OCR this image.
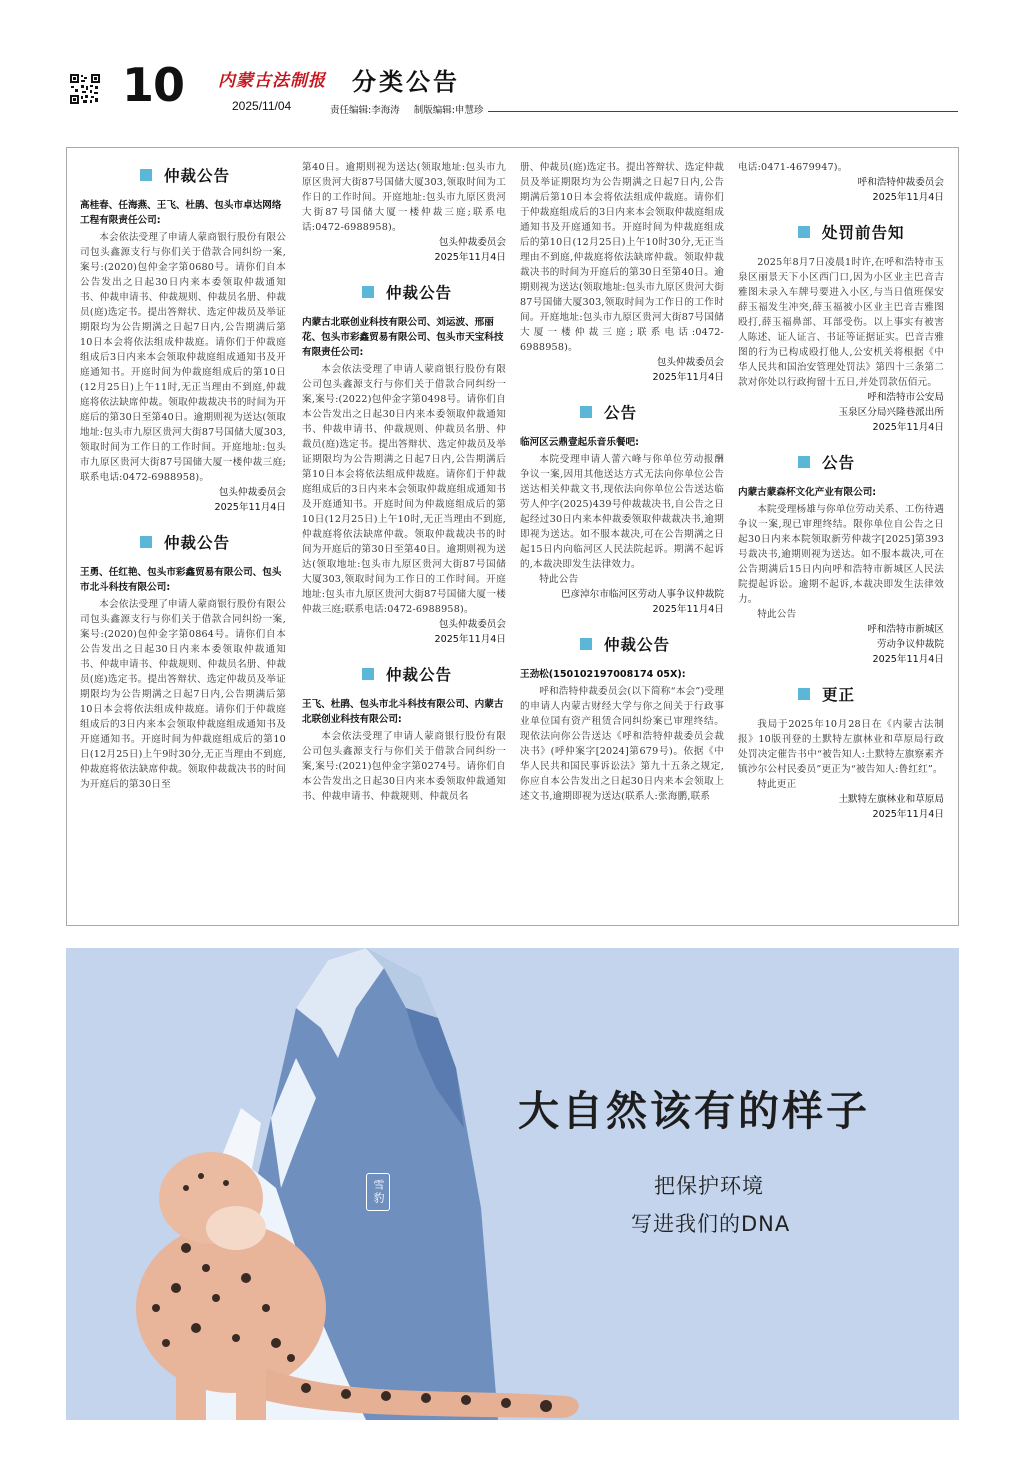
10 内蒙古法制报
2025/11/04
分类公告
责任编辑:李海涛 制版编辑:申慧珍
仲裁公告
高桂春、任海燕、王飞、杜鹃、包头市卓达网络工程有限责任公司:
本会依法受理了申请人蒙商银行股份有限公司包头鑫源支行与你们关于借款合同纠纷一案,案号:(2020)包仲金字第0680号。请你们自本公告发出之日起30日内来本委领取仲裁通知书、仲裁申请书、仲裁规则、仲裁员名册、仲裁员(庭)选定书。提出答辩状、选定仲裁员及举证期限均为公告期满之日起7日内,公告期满后第10日本会将依法组成仲裁庭。请你们于仲裁庭组成后3日内来本会领取仲裁庭组成通知书及开庭通知书。开庭时间为仲裁庭组成后的第10日(12月25日)上午11时,无正当理由不到庭,仲裁庭将依法缺席仲裁。领取仲裁裁决书的时间为开庭后的第30日至第40日。逾期则视为送达(领取地址:包头市九原区贵河大街87号国储大厦303,领取时间为工作日的工作时间。开庭地址:包头市九原区贵河大街87号国储大厦一楼仲裁三庭;联系电话:0472-6988958)。
包头仲裁委员会
2025年11月4日
仲裁公告
王勇、任红艳、包头市彩鑫贸易有限公司、包头市北斗科技有限公司:
本会依法受理了申请人蒙商银行股份有限公司包头鑫源支行与你们关于借款合同纠纷一案,案号:(2020)包仲金字第0864号。请你们自本公告发出之日起30日内来本委领取仲裁通知书、仲裁申请书、仲裁规则、仲裁员名册、仲裁员(庭)选定书。提出答辩状、选定仲裁员及举证期限均为公告期满之日起7日内,公告期满后第10日本会将依法组成仲裁庭。请你们于仲裁庭组成后的3日内来本会领取仲裁庭组成通知书及开庭通知书。开庭时间为仲裁庭组成后的第10日(12月25日)上午9时30分,无正当理由不到庭,仲裁庭将依法缺席仲裁。领取仲裁裁决书的时间为开庭后的第30日至
第40日。逾期则视为送达(领取地址:包头市九原区贵河大街87号国储大厦303,领取时间为工作日的工作时间。开庭地址:包头市九原区贵河大街87号国储大厦一楼仲裁三庭;联系电话:0472-6988958)。
包头仲裁委员会
2025年11月4日
仲裁公告
内蒙古北联创业科技有限公司、刘运波、邢丽花、包头市彩鑫贸易有限公司、包头市天宝科技有限责任公司:
本会依法受理了申请人蒙商银行股份有限公司包头鑫源支行与你们关于借款合同纠纷一案,案号:(2022)包仲金字第0498号。请你们自本公告发出之日起30日内来本委领取仲裁通知书、仲裁申请书、仲裁规则、仲裁员名册、仲裁员(庭)选定书。提出答辩状、选定仲裁员及举证期限均为公告期满之日起7日内,公告期满后第10日本会将依法组成仲裁庭。请你们于仲裁庭组成后的3日内来本会领取仲裁庭组成通知书及开庭通知书。开庭时间为仲裁庭组成后的第10日(12月25日)上午10时,无正当理由不到庭,仲裁庭将依法缺席仲裁。领取仲裁裁决书的时间为开庭后的第30日至第40日。逾期则视为送达(领取地址:包头市九原区贵河大街87号国储大厦303,领取时间为工作日的工作时间。开庭地址:包头市九原区贵河大街87号国储大厦一楼仲裁三庭;联系电话:0472-6988958)。
包头仲裁委员会
2025年11月4日
仲裁公告
王飞、杜鹃、包头市北斗科技有限公司、内蒙古北联创业科技有限公司:
本会依法受理了申请人蒙商银行股份有限公司包头鑫源支行与你们关于借款合同纠纷一案,案号:(2021)包仲金字第0274号。请你们自本公告发出之日起30日内来本委领取仲裁通知书、仲裁申请书、仲裁规则、仲裁员名
册、仲裁员(庭)选定书。提出答辩状、选定仲裁员及举证期限均为公告期满之日起7日内,公告期满后第10日本会将依法组成仲裁庭。请你们于仲裁庭组成后的3日内来本会领取仲裁庭组成通知书及开庭通知书。开庭时间为仲裁庭组成后的第10日(12月25日)上午10时30分,无正当理由不到庭,仲裁庭将依法缺席仲裁。领取仲裁裁决书的时间为开庭后的第30日至第40日。逾期则视为送达(领取地址:包头市九原区贵河大街87号国储大厦303,领取时间为工作日的工作时间。开庭地址:包头市九原区贵河大街87号国储大厦一楼仲裁三庭;联系电话:0472-6988958)。
包头仲裁委员会
2025年11月4日
公告
临河区云鼎壹起乐音乐餐吧:
本院受理申请人蕾六峰与你单位劳动报酬争议一案,因用其他送达方式无法向你单位公告送达相关仲裁文书,现依法向你单位公告送达临劳人仲字(2025)439号仲裁裁决书,自公告之日起经过30日内来本仲裁委领取仲裁裁决书,逾期即视为送达。如不服本裁决,可在公告期满之日起15日内向临河区人民法院起诉。期满不起诉的,本裁决即发生法律效力。
特此公告
巴彦淖尔市临河区劳动人事争议仲裁院
2025年11月4日
仲裁公告
王劲松(150102197008174 05X):
呼和浩特仲裁委员会(以下简称“本会”)受理的申请人内蒙古财经大学与你之间关于行政事业单位国有资产租赁合同纠纷案已审理终结。现依法向你公告送达《呼和浩特仲裁委员会裁决书》(呼仲案字[2024]第679号)。依据《中华人民共和国民事诉讼法》第九十五条之规定,你应自本公告发出之日起30日内来本会领取上述文书,逾期即视为送达(联系人:张海鹏,联系
电话:0471-4679947)。
呼和浩特仲裁委员会
2025年11月4日
处罚前告知
2025年8月7日凌晨1时许,在呼和浩特市玉泉区丽景天下小区西门口,因为小区业主巴音吉雅图未录入车牌号要进入小区,与当日值班保安薛玉福发生冲突,薛玉福被小区业主巴音吉雅图殴打,薛玉福鼻部、耳部受伤。以上事实有被害人陈述、证人证言、书证等证据证实。巴音吉雅图的行为已构成殴打他人,公安机关将根据《中华人民共和国治安管理处罚法》第四十三条第二款对你处以行政拘留十五日,并处罚款伍佰元。
呼和浩特市公安局
玉泉区分局兴隆巷派出所
2025年11月4日
公告
内蒙古蒙森杯文化产业有限公司:
本院受理杨雄与你单位劳动关系、工伤待遇争议一案,现已审理终结。限你单位自公告之日起30日内来本院领取新劳仲裁字[2025]第393号裁决书,逾期则视为送达。如不服本裁决,可在公告期满后15日内向呼和浩特市新城区人民法院提起诉讼。逾期不起诉,本裁决即发生法律效力。
特此公告
呼和浩特市新城区
劳动争议仲裁院
2025年11月4日
更正
我局于2025年10月28日在《内蒙古法制报》10版刊登的土默特左旗林业和草原局行政处罚决定催告书中“被告知人:土默特左旗察素齐镇沙尔公村民委员”更正为“被告知人:鲁红红”。
特此更正
土默特左旗林业和草原局
2025年11月4日
雪豹
大自然该有的样子
把保护环境
写进我们的DNA
